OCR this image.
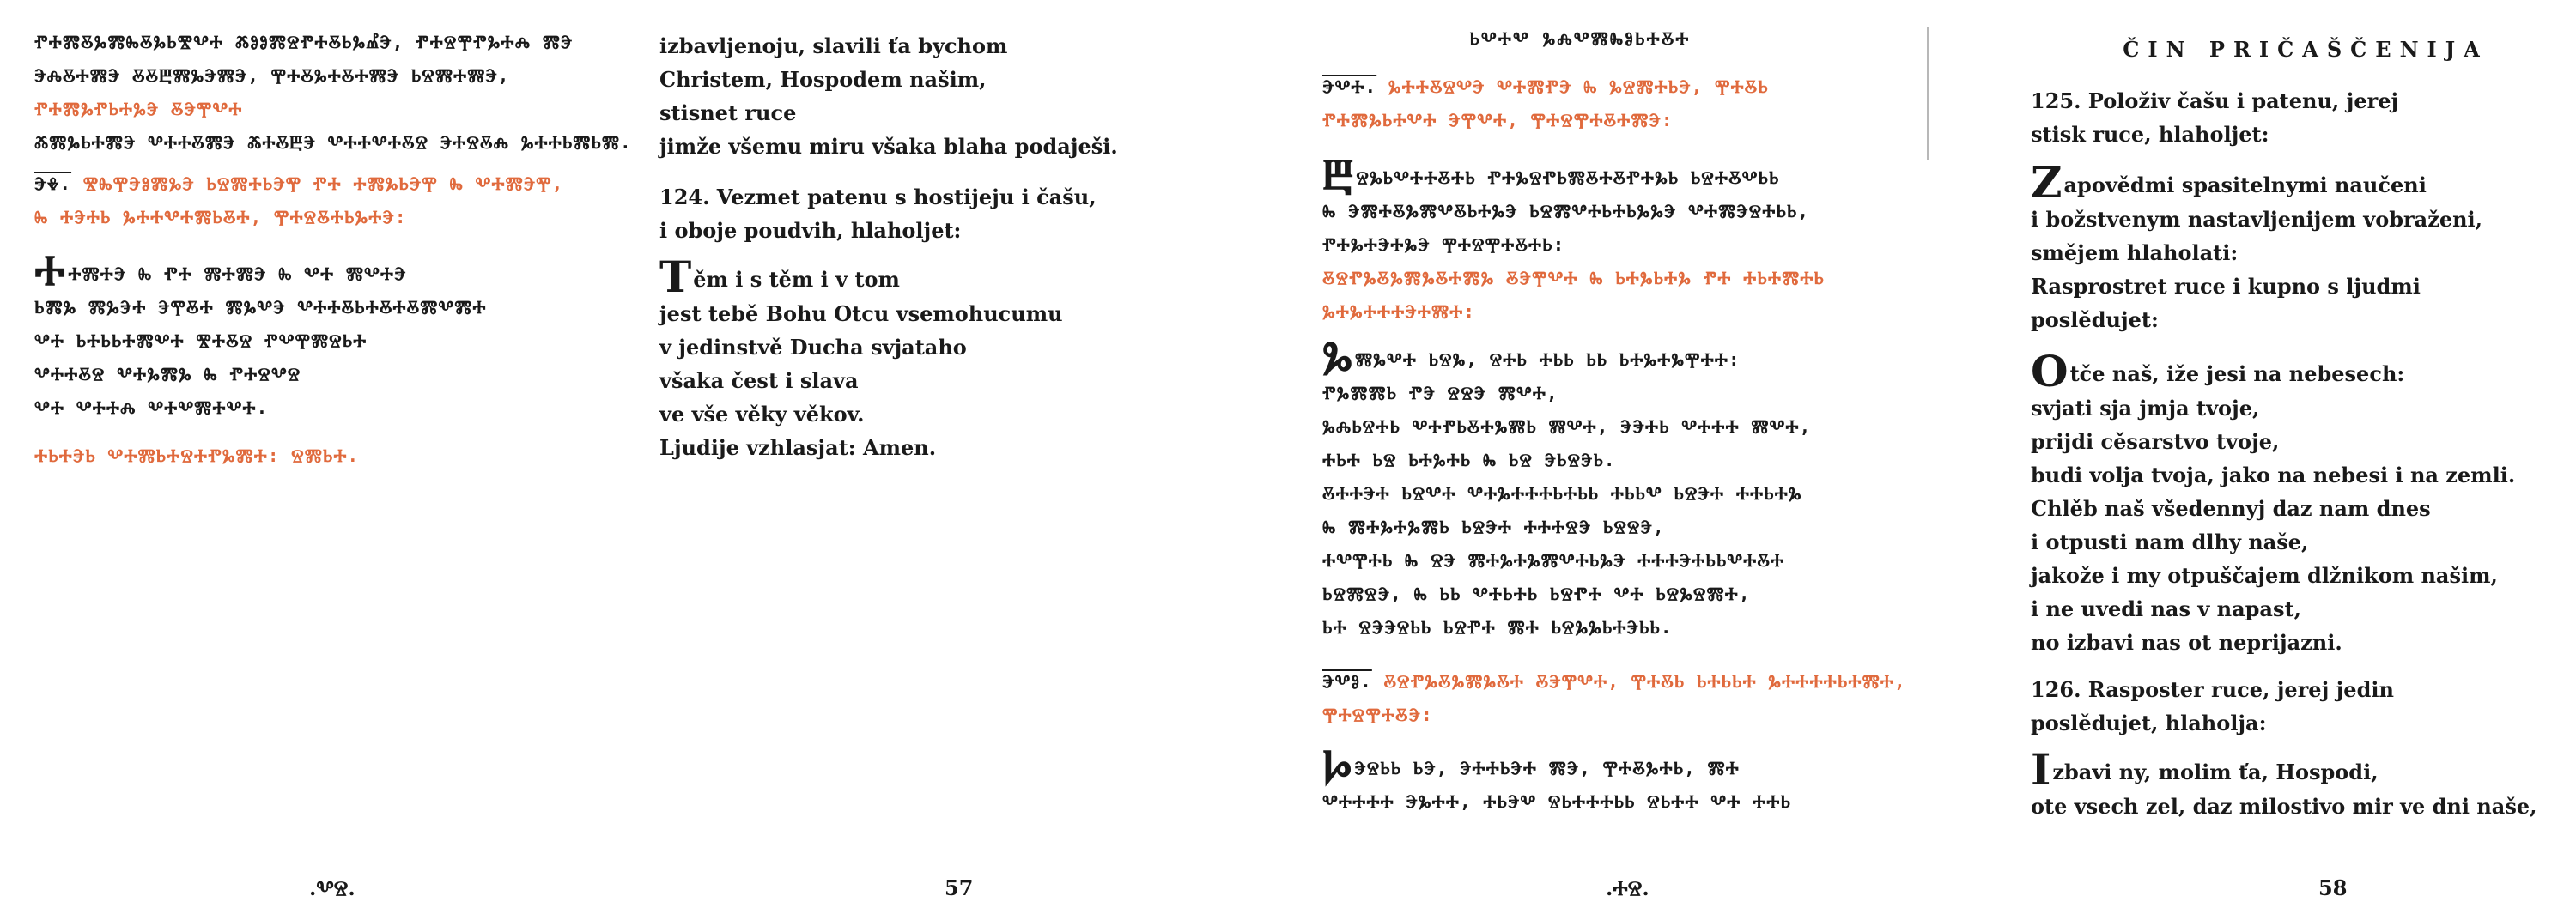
ⰒⰀⰏⰋⰃⰏⰈⰋⰃⰓⰊⰂⰀ ⰆⰑⰑⰏⰔⰒⰀⰋⰓⰃⰌⰅ, ⰒⰀⰔⰉⰒⰃⰀⰎ ⰏⰅ
ⰅⰎⰋⰀⰏⰅ ⰋⰋⰁⰏⰃⰅⰏⰅ, ⰉⰀⰋⰃⰀⰋⰀⰏⰅ ⰓⰔⰏⰀⰏⰅ,
ⰒⰀⰏⰃⰒⰓⰀⰃⰅ ⰋⰅⰉⰂⰀ
ⰆⰏⰃⰓⰀⰏⰅ ⰂⰀⰀⰋⰏⰅ ⰆⰀⰋⰁⰅ ⰂⰀⰀⰂⰀⰋⰔ ⰅⰀⰔⰋⰎ ⰃⰀⰀⰓⰏⰓⰏ.
ⰅⰇ. ⰊⰈⰉⰅⰑⰏⰃⰅ ⰓⰔⰏⰀⰓⰅⰉ ⰒⰀ ⰀⰏⰃⰓⰅⰉ Ⰸ ⰂⰀⰏⰅⰉ,
Ⰸ ⰀⰅⰀⰓ ⰃⰀⰀⰂⰀⰏⰓⰋⰀ, ⰉⰀⰔⰋⰀⰓⰃⰀⰅ:
ⰀⰀⰏⰀⰅ Ⰸ ⰒⰀ ⰏⰀⰏⰅ Ⰸ ⰂⰀ ⰏⰂⰀⰅ
ⰓⰏⰃ ⰏⰃⰅⰀ ⰅⰉⰋⰀ ⰏⰃⰂⰅ ⰂⰀⰀⰋⰓⰀⰋⰀⰋⰏⰂⰏⰀ
ⰂⰀ ⰓⰀⰓⰓⰀⰏⰂⰀ ⰊⰀⰋⰔ ⰒⰂⰉⰏⰔⰓⰀ
ⰂⰀⰀⰋⰔ ⰂⰀⰃⰏⰃ Ⰸ ⰒⰀⰔⰂⰔ
ⰂⰀ ⰂⰀⰀⰎ ⰂⰀⰂⰏⰀⰂⰀ.
ⰀⰓⰀⰅⰓ ⰂⰀⰏⰓⰀⰔⰀⰒⰃⰏⰀ: ⰔⰏⰓⰀ.
.ⰂⰔ.
izbavljenoju, slavili ťa bychom
Christem, Hospodem našim,
stisnet ruce
jimže všemu miru všaka blaha podaješi.
124. Vezmet patenu s hostijeju i čašu,
i oboje poudvih, hlaholjet:
Těm i s těm i v tom
jest tebě Bohu Otcu vsemohucumu
v jedinstvě Ducha svjataho
všaka čest i slava
ve vše věky věkov.
Ljudije vzhlasjat: Amen.
57
ⰓⰂⰀⰂ ⰃⰎⰂⰏⰈⰑⰓⰀⰋⰀ
ⰅⰂⰀ. ⰃⰀⰀⰋⰔⰂⰅ ⰂⰀⰏⰒⰅ Ⰸ ⰃⰔⰏⰀⰓⰅ, ⰉⰀⰋⰓ
ⰒⰀⰏⰃⰓⰀⰂⰀ ⰅⰉⰂⰀ, ⰉⰀⰔⰉⰀⰋⰀⰏⰅ:
ⰁⰔⰃⰓⰂⰀⰀⰋⰀⰓ ⰒⰀⰃⰔⰒⰓⰏⰋⰀⰋⰒⰀⰃⰓ ⰓⰔⰀⰋⰂⰓⰓ
Ⰸ ⰅⰏⰀⰋⰃⰏⰂⰋⰓⰀⰃⰅ ⰓⰔⰏⰂⰀⰓⰀⰓⰃⰃⰅ ⰂⰀⰏⰅⰔⰀⰓⰓ,
ⰒⰀⰃⰀⰅⰀⰃⰅ ⰉⰀⰔⰉⰀⰋⰀⰓ:
ⰋⰔⰒⰃⰋⰃⰏⰃⰋⰀⰏⰃ ⰋⰅⰉⰂⰀ Ⰸ ⰓⰀⰃⰓⰀⰃ ⰒⰀ ⰀⰓⰀⰏⰀⰓ
ⰃⰀⰃⰀⰀⰀⰅⰀⰏⰀ:
ⰃⰏⰃⰂⰀ ⰓⰔⰃ, ⰔⰀⰓ ⰀⰓⰓ ⰓⰓ ⰓⰀⰃⰀⰃⰉⰀⰀ:
ⰒⰃⰏⰏⰓ ⰒⰅ ⰔⰔⰅ ⰏⰂⰀ,
ⰃⰎⰓⰔⰀⰓ ⰂⰀⰒⰓⰋⰀⰃⰏⰓ ⰏⰂⰀ, ⰅⰅⰀⰓ ⰂⰀⰀⰀ ⰏⰂⰀ,
ⰀⰓⰀ ⰓⰔ ⰓⰀⰃⰀⰓ Ⰸ ⰓⰔ ⰅⰓⰔⰅⰓ.
ⰋⰀⰀⰅⰀ ⰓⰔⰂⰀ ⰂⰀⰃⰀⰀⰀⰓⰀⰓⰓ ⰀⰓⰓⰂ ⰓⰔⰅⰀ ⰀⰀⰓⰀⰃ
Ⰸ ⰏⰀⰃⰀⰃⰏⰓ ⰓⰔⰅⰀ ⰀⰀⰀⰔⰅ ⰓⰔⰔⰅ,
ⰀⰂⰉⰀⰓ Ⰸ ⰔⰅ ⰏⰀⰃⰀⰃⰏⰂⰀⰓⰃⰅ ⰀⰀⰀⰅⰀⰓⰓⰂⰀⰋⰀ
ⰓⰔⰏⰔⰅ, Ⰸ ⰓⰓ ⰂⰀⰓⰀⰓ ⰓⰔⰒⰀ ⰂⰀ ⰓⰔⰃⰔⰏⰀ,
ⰓⰀ ⰔⰅⰅⰔⰓⰓ ⰓⰔⰒⰀ ⰏⰀ ⰓⰔⰃⰃⰓⰀⰅⰓⰓ.
ⰅⰂⰑ. ⰋⰔⰒⰃⰋⰃⰏⰃⰋⰀ ⰋⰅⰉⰂⰀ, ⰉⰀⰋⰓ ⰓⰀⰓⰓⰀ ⰃⰀⰀⰀⰀⰓⰀⰏⰀ,
ⰉⰀⰔⰉⰀⰋⰅ:
ⰘⰅⰔⰓⰓ ⰓⰅ, ⰅⰀⰀⰓⰅⰀ ⰏⰅ, ⰉⰀⰋⰃⰀⰓ, ⰏⰀ
ⰂⰀⰀⰀⰀ ⰅⰃⰀⰀ, ⰀⰓⰅⰂ ⰔⰓⰀⰀⰀⰓⰓ ⰔⰓⰀⰀ ⰂⰀ ⰀⰀⰓ
.ⰀⰔ.
ČIN PRIČAŠČENIJA
125. Položiv čašu i patenu, jerej
stisk ruce, hlaholjet:
Zapovědmi spasitelnymi naučeni
i božstvenym nastavljenijem vobraženi,
smějem hlaholati:
Rasprostret ruce i kupno s ljudmi
poslědujet:
Otče naš, iže jesi na nebesech:
svjati sja jmja tvoje,
prijdi cěsarstvo tvoje,
budi volja tvoja, jako na nebesi i na zemli.
Chlěb naš všedennyj daz nam dnes
i otpusti nam dlhy naše,
jakože i my otpuščajem dlžnikom našim,
i ne uvedi nas v napast,
no izbavi nas ot neprijazni.
126. Rasposter ruce, jerej jedin
poslědujet, hlaholja:
Izbavi ny, molim ťa, Hospodi,
ote vsech zel, daz milostivo mir ve dni naše,
58
